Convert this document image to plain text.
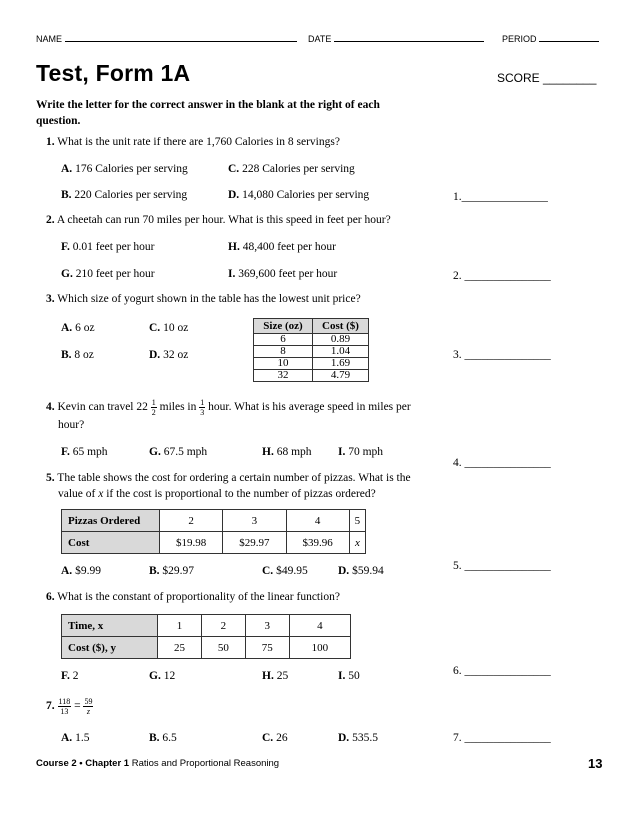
NAME	DATE	PERIOD
Test, Form 1A	SCORE ________
Write the letter for the correct answer in the blank at the right of each question.
1. What is the unit rate if there are 1,760 Calories in 8 servings?
A. 176 Calories per serving	C. 228 Calories per serving
B. 220 Calories per serving	D. 14,080 Calories per serving	1._______________
2. A cheetah can run 70 miles per hour. What is this speed in feet per hour?
F. 0.01 feet per hour	H. 48,400 feet per hour
G. 210 feet per hour	I. 369,600 feet per hour	2. _______________
3. Which size of yogurt shown in the table has the lowest unit price?
A. 6 oz	C. 10 oz
B. 8 oz	D. 32 oz
Size (oz)	Cost ($)
6	0.89
8	1.04
10	1.69
32	4.79
3. _______________
4. Kevin can travel $22 \frac{1}{2}$ miles in $\frac{1}{3}$ hour. What is his average speed in miles per
hour?
F. 65 mph	G. 67.5 mph	H. 68 mph I. 70 mph
4. _______________
5. The table shows the cost for ordering a certain number of pizzas. What is the
value of x if the cost is proportional to the number of pizzas ordered?
Pizzas Ordered	2	3	4	5
Cost	$19.98	$29.97	$39.96	x
A. $9.99	B. $29.97	C. $49.95	D. $59.94	5. _______________
6. What is the constant of proportionality of the linear function?
Time, x	1	2	3	4
Cost ($), y	25	50	75	100
F. 2	G. 12	H. 25	I. 50	6. _______________
7. $\frac{118}{13} = \frac{59}{z}$
A. 1.5	B. 6.5	C. 26	D. 535.5	7. _______________
Course 2 • Chapter 1 Ratios and Proportional Reasoning	13
